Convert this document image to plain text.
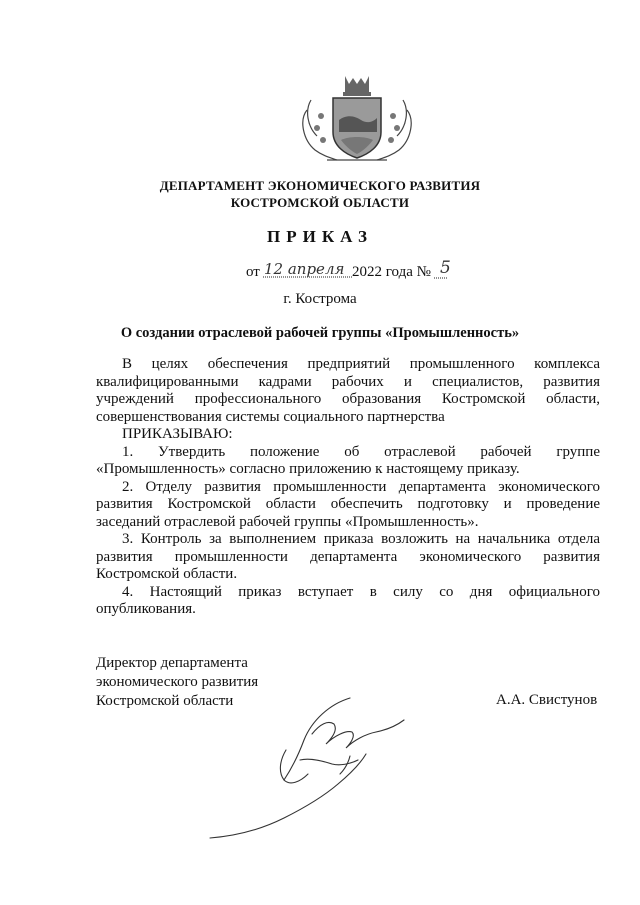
ДЕПАРТАМЕНТ ЭКОНОМИЧЕСКОГО РАЗВИТИЯ
КОСТРОМСКОЙ ОБЛАСТИ
ПРИКАЗ
от 12 апреля 2022 года № 5
г. Кострома
О создании отраслевой рабочей группы «Промышленность»

В целях обеспечения предприятий промышленного комплекса

квалифицированными кадрами рабочих и специалистов, развития

учреждений профессионального образования Костромской области,

совершенствования системы социального партнерства

ПРИКАЗЫВАЮ:

1. Утвердить положение об отраслевой рабочей группе

«Промышленность» согласно приложению к настоящему приказу.

2. Отделу развития промышленности департамента экономического

развития Костромской области обеспечить подготовку и проведение

заседаний отраслевой рабочей группы «Промышленность».

3. Контроль за выполнением приказа возложить на начальника отдела

развития промышленности департамента экономического развития

Костромской области.

4. Настоящий приказ вступает в силу со дня официального

опубликования.

Директор департамента
экономического развития
Костромской области	А.А. Свистунов
